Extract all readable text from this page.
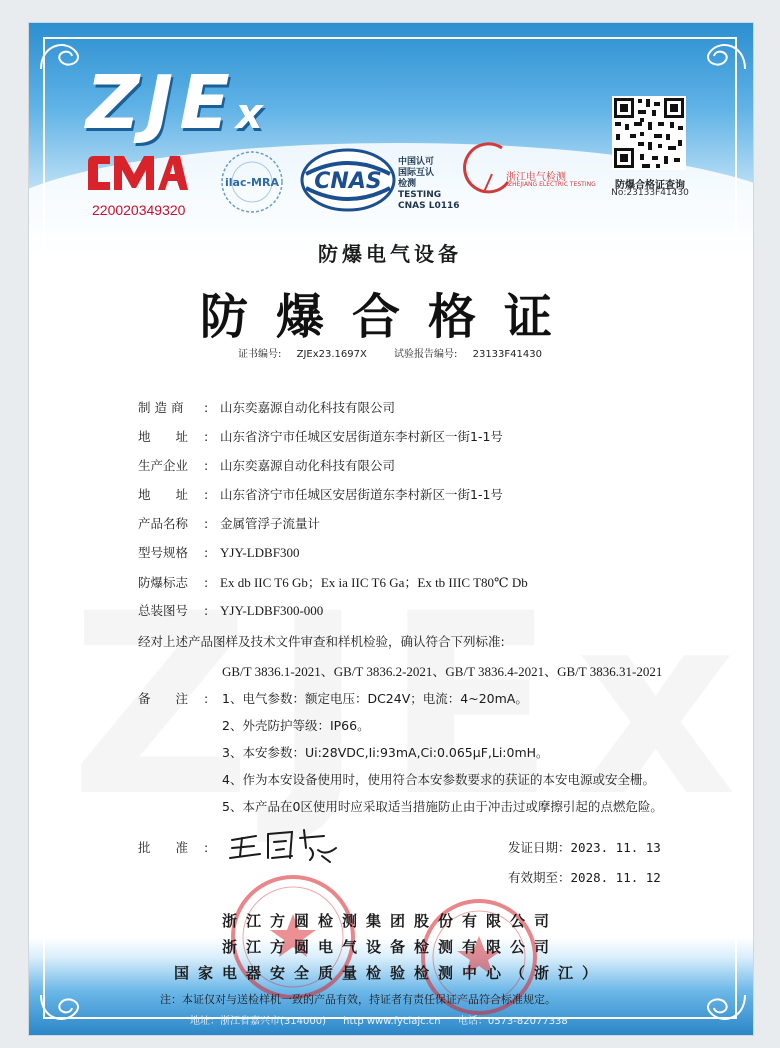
ZJEx
CMA
220020349320
ilac-MRA CNAS
中国认可
国际互认
检测
TESTING
CNAS L0116
浙江电气检测
ZHEJIANG ELECTRIC TESTING	防爆合格证查询
No:23133F41430
防爆电气设备
防爆合格证
证书编号: ZJEx23.1697X	试验报告编号: 23133F41430
制 造 商 : 山东奕嘉源自动化科技有限公司
地　　址 : 山东省济宁市任城区安居街道东李村新区一街1-1号
生产企业 : 山东奕嘉源自动化科技有限公司
地　　址 : 山东省济宁市任城区安居街道东李村新区一街1-1号
产品名称 : 金属管浮子流量计
型号规格 : YJY-LDBF300
防爆标志 : Ex db IIC T6 Gb；Ex ia IIC T6 Ga；Ex tb IIIC T80℃ Db
总装图号 : YJY-LDBF300-000
经对上述产品图样及技术文件审查和样机检验，确认符合下列标准:
GB/T 3836.1-2021、GB/T 3836.2-2021、GB/T 3836.4-2021、GB/T 3836.31-2021
备　　注 :	1、电气参数：额定电压：DC24V；电流：4~20mA。
2、外壳防护等级：IP66。
3、本安参数：Ui:28VDC,Ii:93mA,Ci:0.065μF,Li:0mH。
4、作为本安设备使用时，使用符合本安参数要求的获证的本安电源或安全栅。
5、本产品在0区使用时应采取适当措施防止由于冲击过或摩擦引起的点燃危险。
批　　准 :	发证日期：2023. 11. 13
有效期至：2028. 11. 12
浙江方圆检测集团股份有限公司
浙江方圆电气设备检测有限公司
国家电器安全质量检验检测中心（浙江）
注：本证仅对与送检样机一致的产品有效，持证者有责任保证产品符合标准规定。
地址：浙江省嘉兴市(314000) http www.fyclajc.cn 电话：0573-82077338
